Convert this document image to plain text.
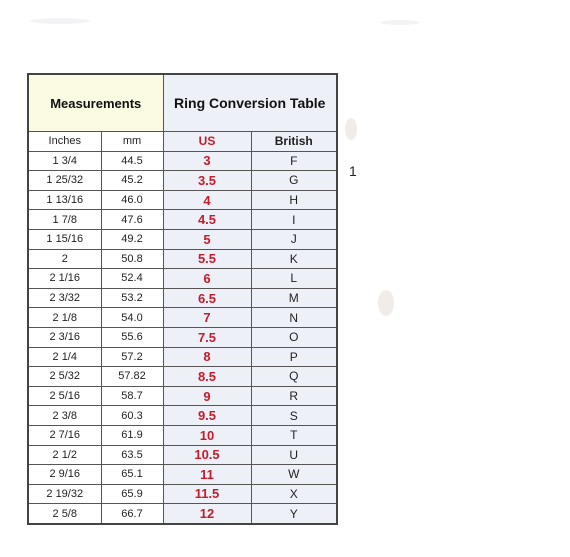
1
Measurements		Ring Conversion Table	
Inches	mm	US	British
1 3/4	44.5	3	F
1 25/32	45.2	3.5	G
1 13/16	46.0	4	H
1 7/8	47.6	4.5	I
1 15/16	49.2	5	J
2	50.8	5.5	K
2 1/16	52.4	6	L
2 3/32	53.2	6.5	M
2 1/8	54.0	7	N
2 3/16	55.6	7.5	O
2 1/4	57.2	8	P
2 5/32	57.82	8.5	Q
2 5/16	58.7	9	R
2 3/8	60.3	9.5	S
2 7/16	61.9	10	T
2 1/2	63.5	10.5	U
2 9/16	65.1	11	W
2 19/32	65.9	11.5	X
2 5/8	66.7	12	Y
